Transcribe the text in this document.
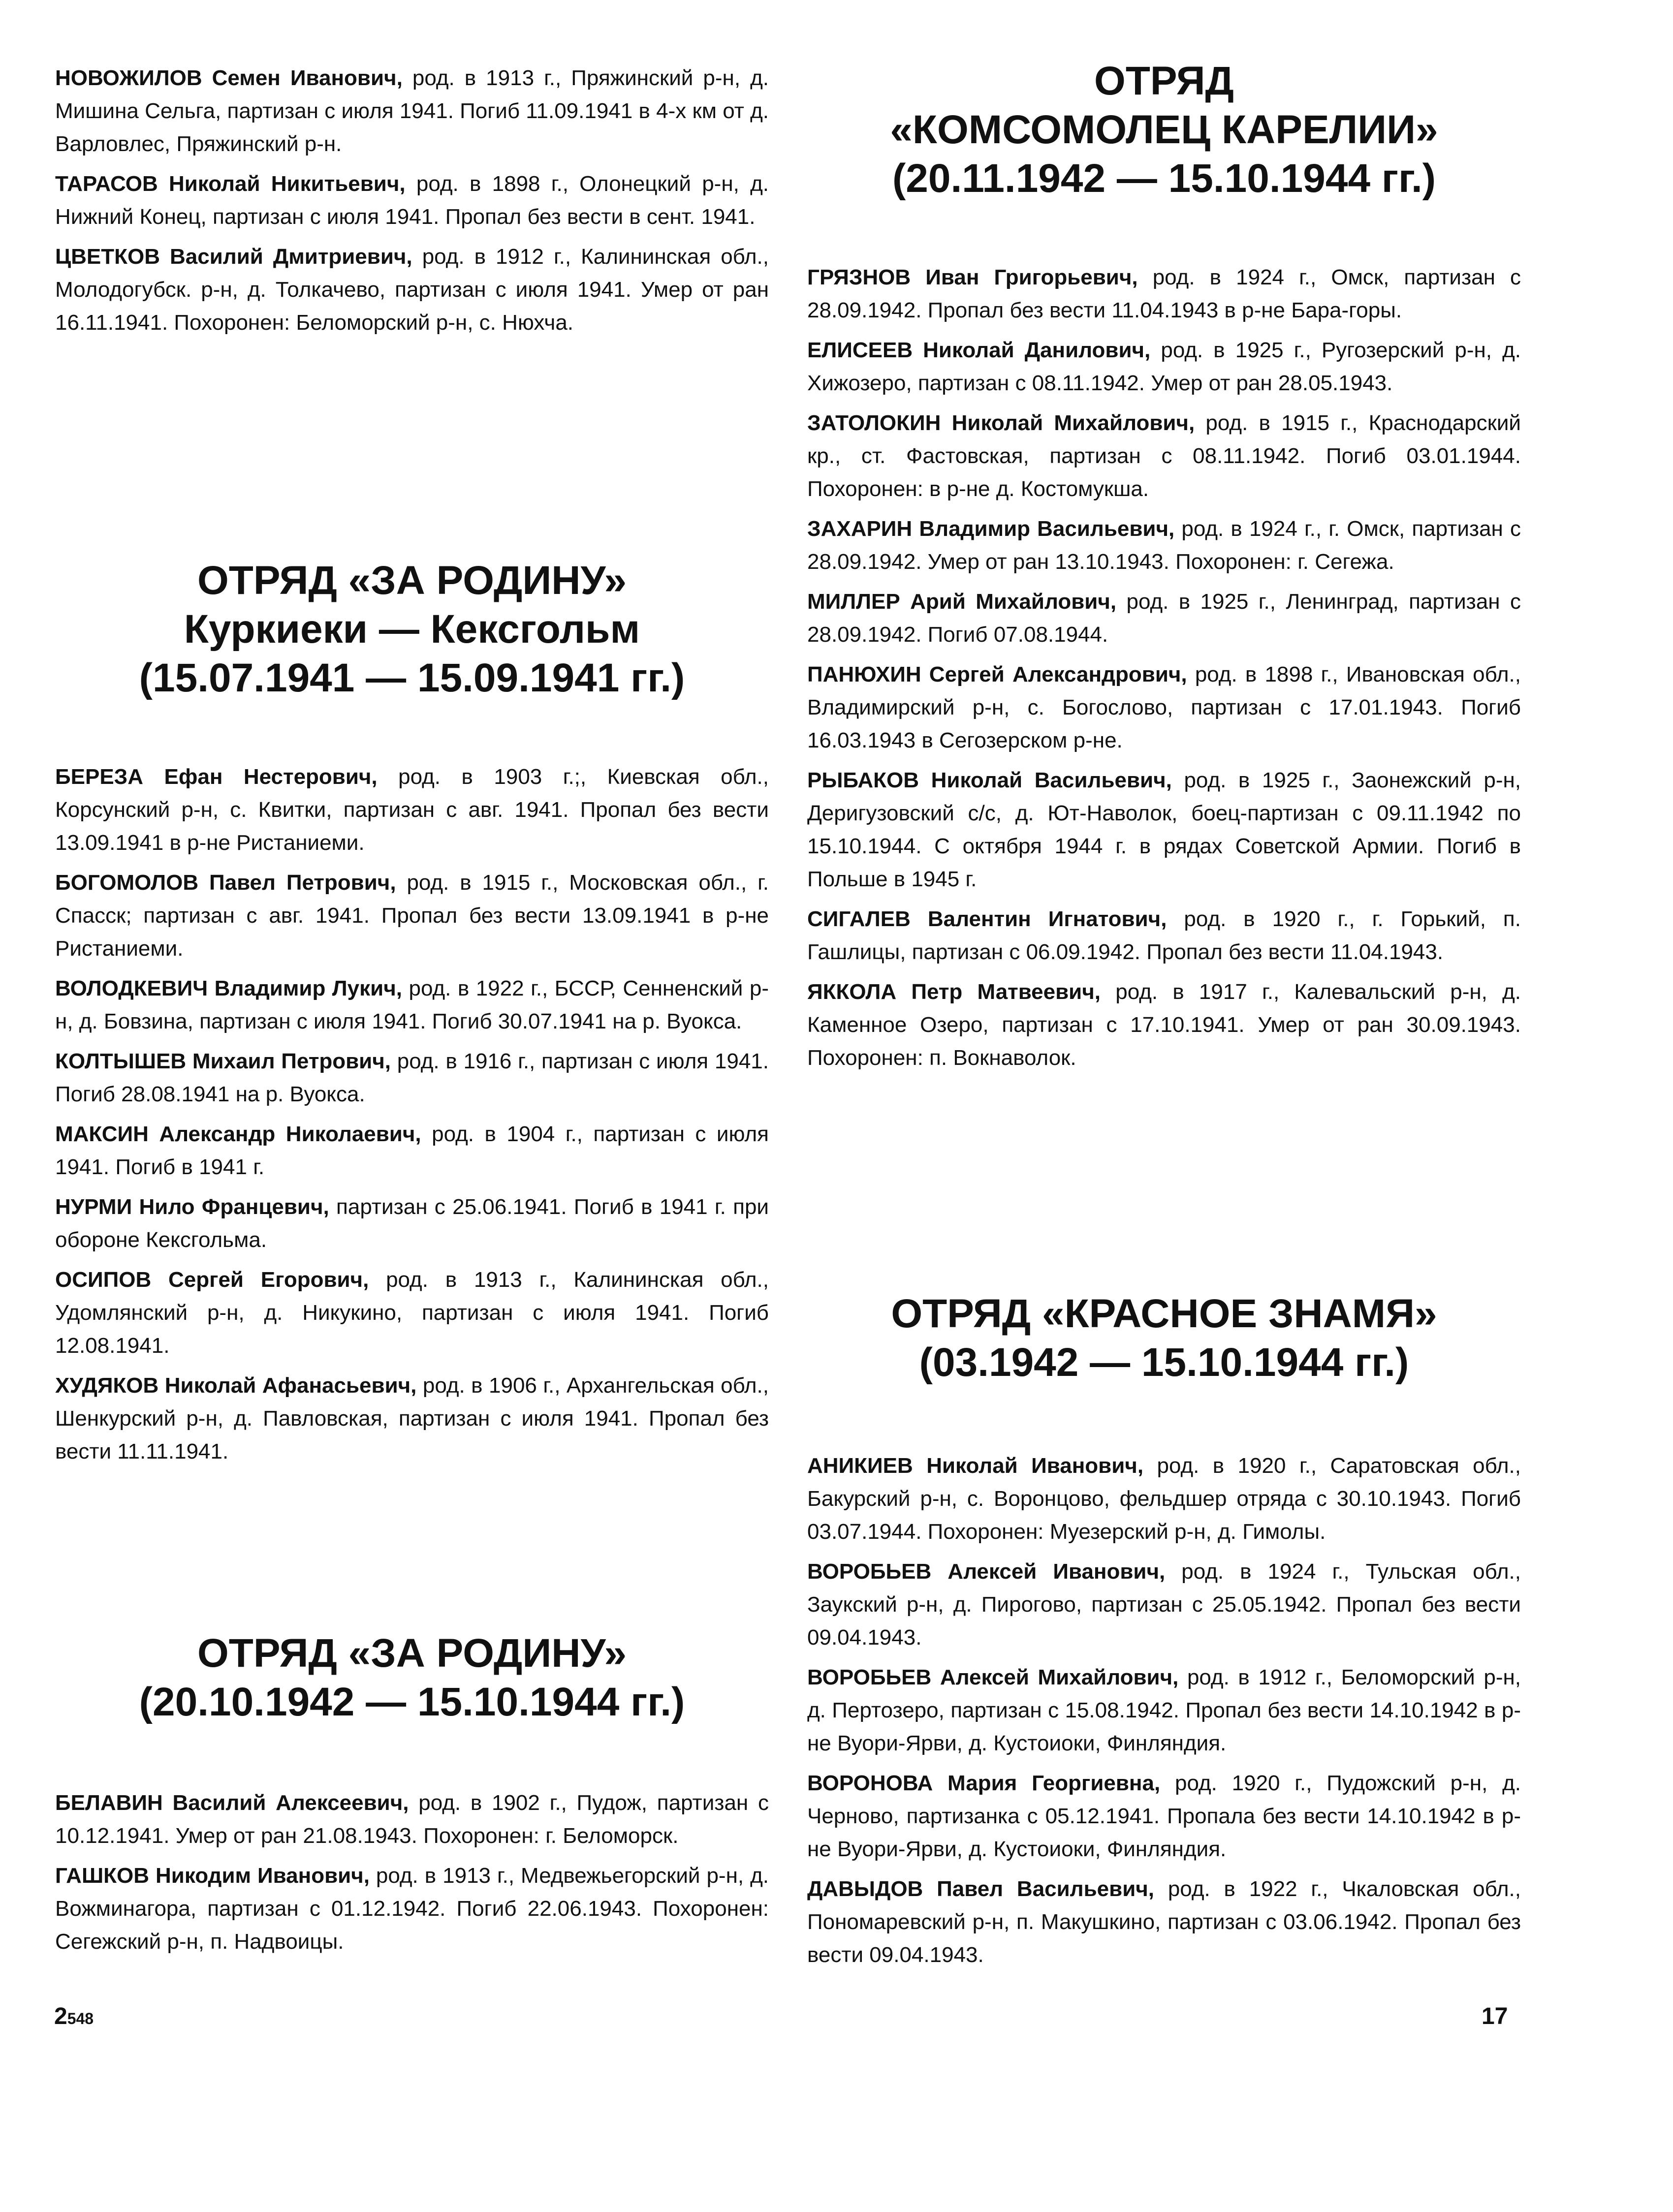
НОВОЖИЛОВ Семен Иванович, род. в 1913 г., Пряжинский р-н, д. Мишина Сельга, партизан с июля 1941. Погиб 11.09.1941 в 4-х км от д. Варловлес, Пряжинский р-н.

ТАРАСОВ Николай Никитьевич, род. в 1898 г., Олонецкий р-н, д. Нижний Конец, партизан с июля 1941. Пропал без вести в сент. 1941.

ЦВЕТКОВ Василий Дмитриевич, род. в 1912 г., Калининская обл., Молодогубск. р-н, д. Толкачево, партизан с июля 1941. Умер от ран 16.11.1941. Похоронен: Беломорский р-н, с. Нюхча.

ОТРЯД «ЗА РОДИНУ»
Куркиеки — Кексгольм
(15.07.1941 — 15.09.1941 гг.)

БЕРЕЗА Ефан Нестерович, род. в 1903 г.;, Киевская обл., Корсунский р-н, с. Квитки, партизан с авг. 1941. Пропал без вести 13.09.1941 в р-не Ристаниеми.

БОГОМОЛОВ Павел Петрович, род. в 1915 г., Московская обл., г. Спасск; партизан с авг. 1941. Пропал без вести 13.09.1941 в р-не Ристаниеми.

ВОЛОДКЕВИЧ Владимир Лукич, род. в 1922 г., БССР, Сенненский р-н, д. Бовзина, партизан с июля 1941. Погиб 30.07.1941 на р. Вуокса.

КОЛТЫШЕВ Михаил Петрович, род. в 1916 г., партизан с июля 1941. Погиб 28.08.1941 на р. Вуокса.

МАКСИН Александр Николаевич, род. в 1904 г., партизан с июля 1941. Погиб в 1941 г.

НУРМИ Нило Францевич, партизан с 25.06.1941. Погиб в 1941 г. при обороне Кексгольма.

ОСИПОВ Сергей Егорович, род. в 1913 г., Калининская обл., Удомлянский р-н, д. Никукино, партизан с июля 1941. Погиб 12.08.1941.

ХУДЯКОВ Николай Афанасьевич, род. в 1906 г., Архангельская обл., Шенкурский р-н, д. Павловская, партизан с июля 1941. Пропал без вести 11.11.1941.

ОТРЯД «ЗА РОДИНУ»
(20.10.1942 — 15.10.1944 гг.)

БЕЛАВИН Василий Алексеевич, род. в 1902 г., Пудож, партизан с 10.12.1941. Умер от ран 21.08.1943. Похоронен: г. Беломорск.

ГАШКОВ Никодим Иванович, род. в 1913 г., Медвежьегорский р-н, д. Вожминагора, партизан с 01.12.1942. Погиб 22.06.1943. Похоронен: Сегежский р-н, п. Надвоицы.

ОТРЯД
«КОМСОМОЛЕЦ КАРЕЛИИ»
(20.11.1942 — 15.10.1944 гг.)

ГРЯЗНОВ Иван Григорьевич, род. в 1924 г., Омск, партизан с 28.09.1942. Пропал без вести 11.04.1943 в р-не Бара-горы.

ЕЛИСЕЕВ Николай Данилович, род. в 1925 г., Ругозерский р-н, д. Хижозеро, партизан с 08.11.1942. Умер от ран 28.05.1943.

ЗАТОЛОКИН Николай Михайлович, род. в 1915 г., Краснодарский кр., ст. Фастовская, партизан с 08.11.1942. Погиб 03.01.1944. Похоронен: в р-не д. Костомукша.

ЗАХАРИН Владимир Васильевич, род. в 1924 г., г. Омск, партизан с 28.09.1942. Умер от ран 13.10.1943. Похоронен: г. Сегежа.

МИЛЛЕР Арий Михайлович, род. в 1925 г., Ленинград, партизан с 28.09.1942. Погиб 07.08.1944.

ПАНЮХИН Сергей Александрович, род. в 1898 г., Ивановская обл., Владимирский р-н, с. Богослово, партизан с 17.01.1943. Погиб 16.03.1943 в Сегозерском р-не.

РЫБАКОВ Николай Васильевич, род. в 1925 г., Заонежский р-н, Деригузовский с/с, д. Ют-Наволок, боец-партизан с 09.11.1942 по 15.10.1944. С октября 1944 г. в рядах Советской Армии. Погиб в Польше в 1945 г.

СИГАЛЕВ Валентин Игнатович, род. в 1920 г., г. Горький, п. Гашлицы, партизан с 06.09.1942. Пропал без вести 11.04.1943.

ЯККОЛА Петр Матвеевич, род. в 1917 г., Калевальский р-н, д. Каменное Озеро, партизан с 17.10.1941. Умер от ран 30.09.1943. Похоронен: п. Вокнаволок.

ОТРЯД «КРАСНОЕ ЗНАМЯ»
(03.1942 — 15.10.1944 гг.)

АНИКИЕВ Николай Иванович, род. в 1920 г., Саратовская обл., Бакурский р-н, с. Воронцово, фельдшер отряда с 30.10.1943. Погиб 03.07.1944. Похоронен: Муезерский р-н, д. Гимолы.

ВОРОБЬЕВ Алексей Иванович, род. в 1924 г., Тульская обл., Заукский р-н, д. Пирогово, партизан с 25.05.1942. Пропал без вести 09.04.1943.

ВОРОБЬЕВ Алексей Михайлович, род. в 1912 г., Беломорский р-н, д. Пертозеро, партизан с 15.08.1942. Пропал без вести 14.10.1942 в р-не Вуори-Ярви, д. Кустоиоки, Финляндия.

ВОРОНОВА Мария Георгиевна, род. 1920 г., Пудожский р-н, д. Черново, партизанка с 05.12.1941. Пропала без вести 14.10.1942 в р-не Вуори-Ярви, д. Кустоиоки, Финляндия.

ДАВЫДОВ Павел Васильевич, род. в 1922 г., Чкаловская обл., Пономаревский р-н, п. Макушкино, партизан с 03.06.1942. Пропал без вести 09.04.1943.

2548	17
